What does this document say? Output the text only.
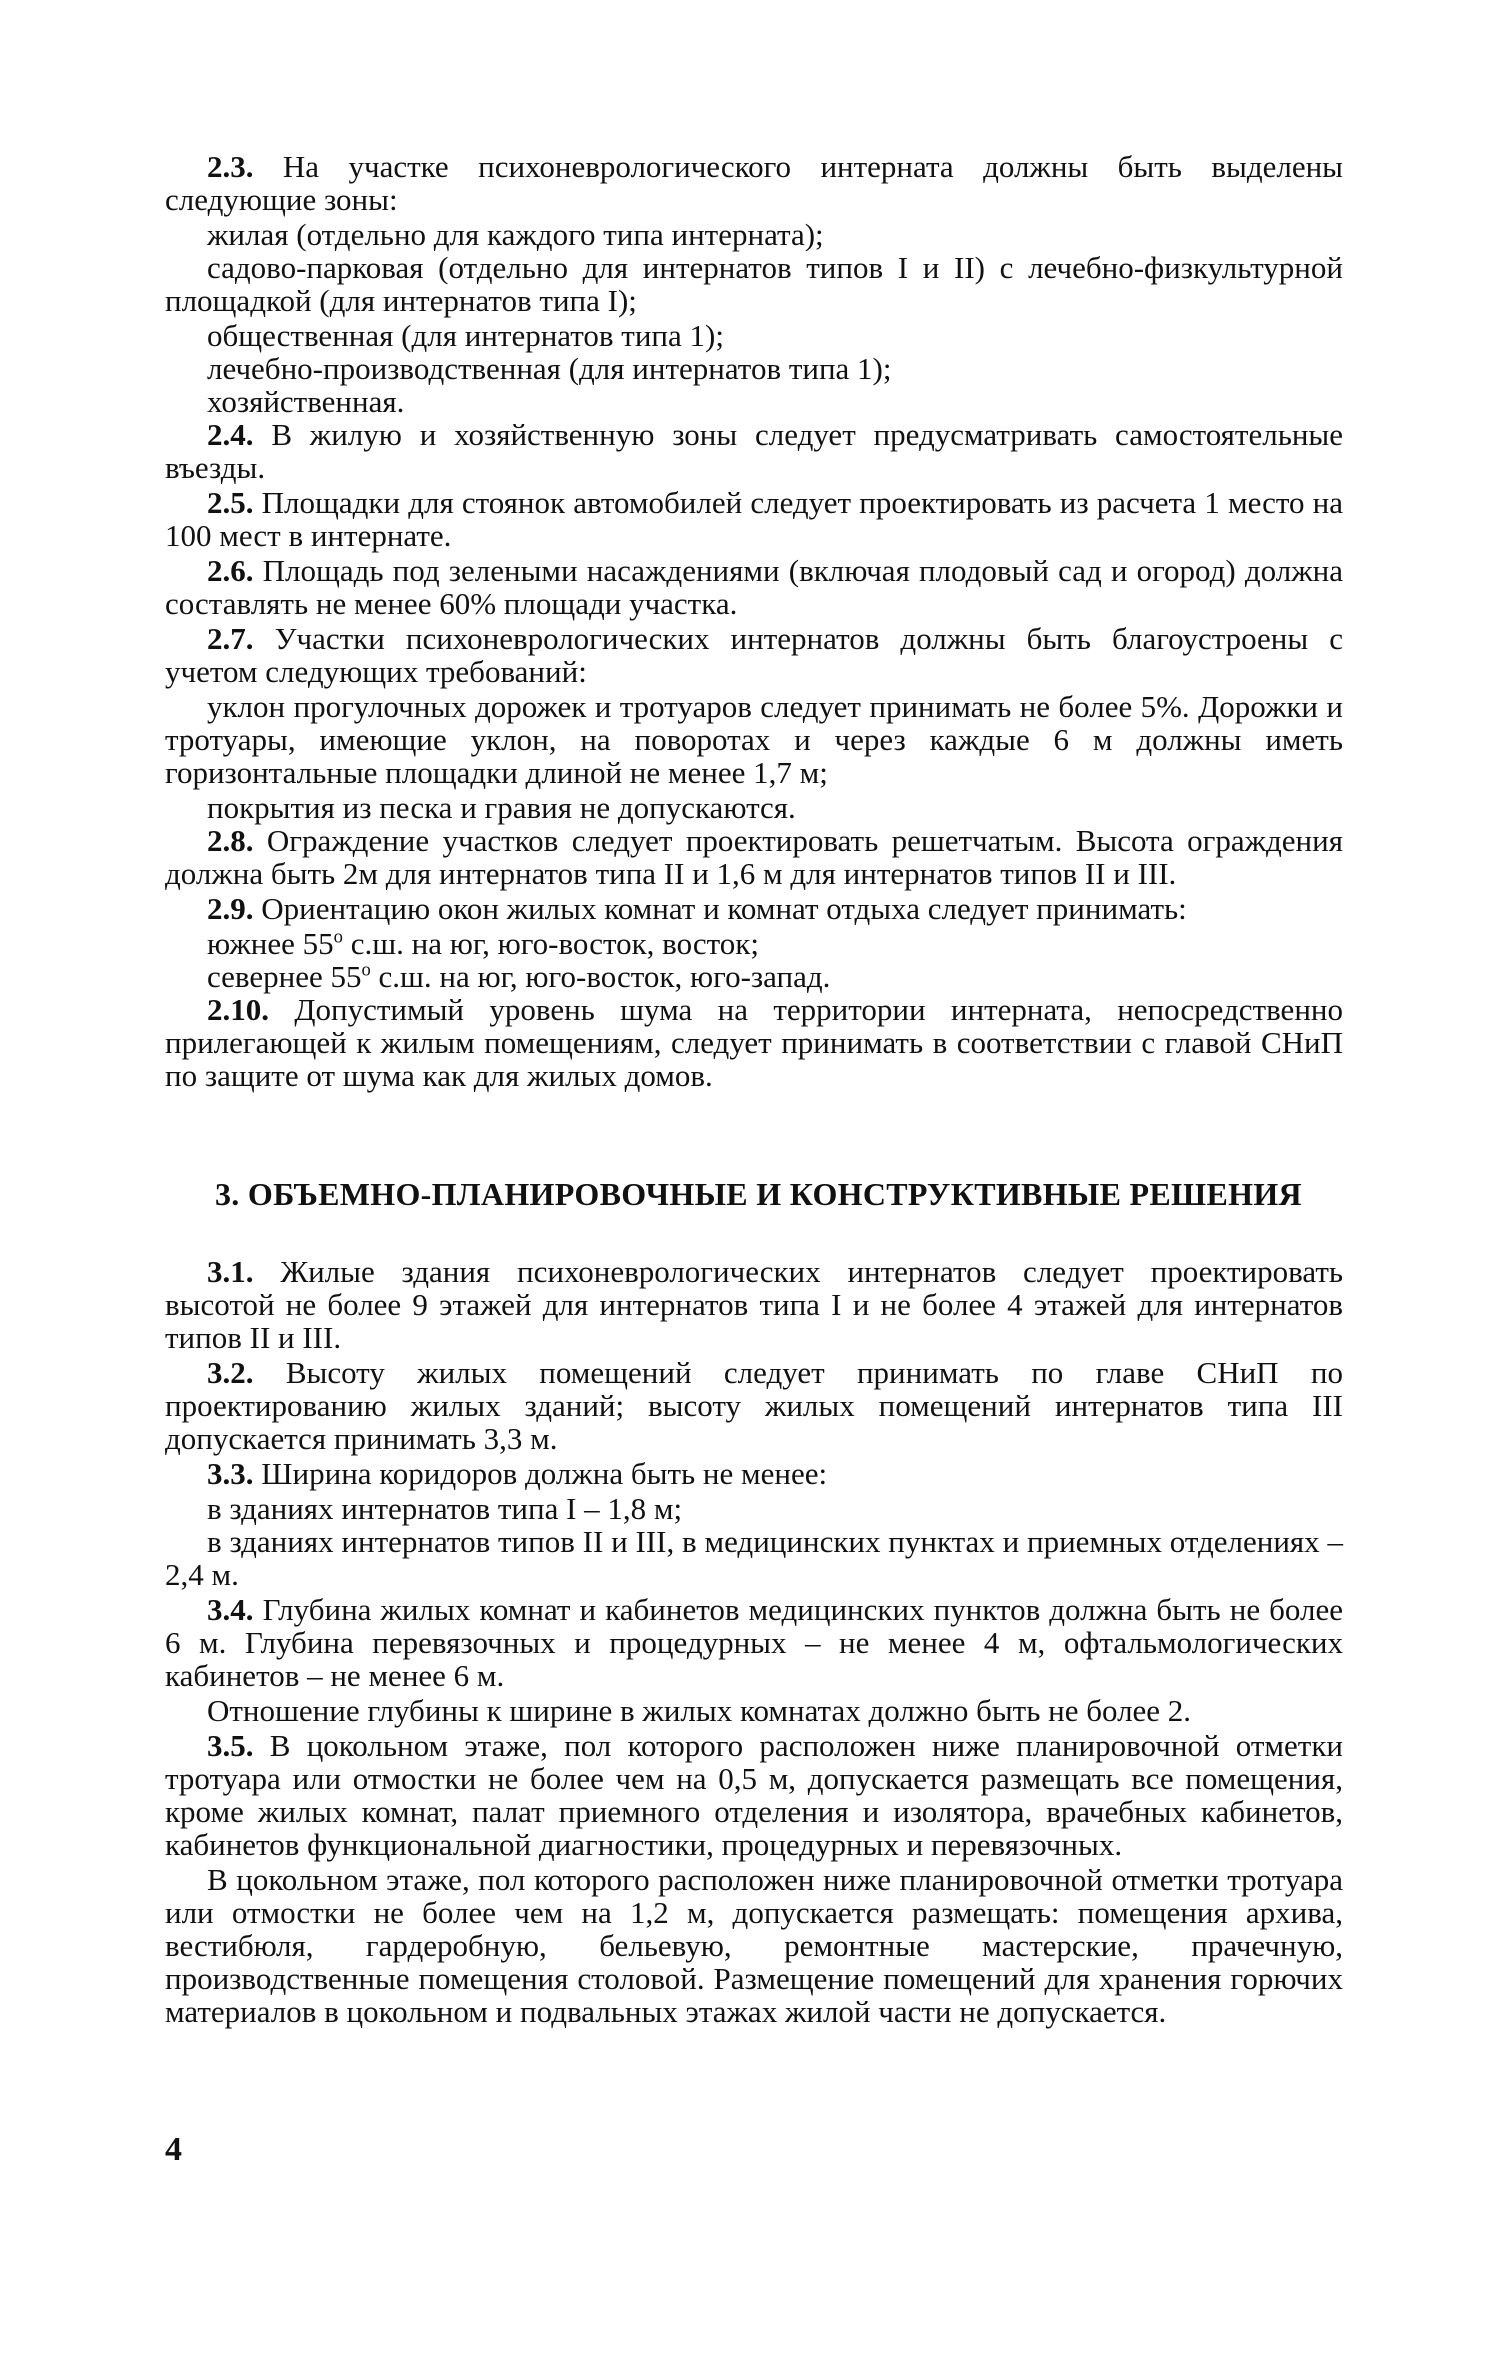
2.3. На участке психоневрологического интерната должны быть выделены следующие зоны:

жилая (отдельно для каждого типа интерната);

садово-парковая (отдельно для интернатов типов I и II) с лечебно-физкультурной площадкой (для интернатов типа I);

общественная (для интернатов типа 1);

лечебно-производственная (для интернатов типа 1);

хозяйственная.

2.4. В жилую и хозяйственную зоны следует предусматривать самостоятельные въезды.

2.5. Площадки для стоянок автомобилей следует проектировать из расчета 1 место на 100 мест в интернате.

2.6. Площадь под зелеными насаждениями (включая плодовый сад и огород) должна составлять не менее 60% площади участка.

2.7. Участки психоневрологических интернатов должны быть благоустроены с учетом следующих требований:

уклон прогулочных дорожек и тротуаров следует принимать не более 5%. Дорожки и тротуары, имеющие уклон, на поворотах и через каждые 6 м должны иметь горизонтальные площадки длиной не менее 1,7 м;

покрытия из песка и гравия не допускаются.

2.8. Ограждение участков следует проектировать решетчатым. Высота ограждения должна быть 2м для интернатов типа II и 1,6 м для интернатов типов II и III.

2.9. Ориентацию окон жилых комнат и комнат отдыха следует принимать:

южнее $55^о$ с.ш. на юг, юго-восток, восток;

севернее $55^о$ с.ш. на юг, юго-восток, юго-запад.

2.10. Допустимый уровень шума на территории интерната, непосредственно прилегающей к жилым помещениям, следует принимать в соответствии с главой СНиП по защите от шума как для жилых домов.

3. ОБЪЕМНО-ПЛАНИРОВОЧНЫЕ И КОНСТРУКТИВНЫЕ РЕШЕНИЯ

3.1. Жилые здания психоневрологических интернатов следует проектировать высотой не более 9 этажей для интернатов типа I и не более 4 этажей для интернатов типов II и III.

3.2. Высоту жилых помещений следует принимать по главе СНиП по проектированию жилых зданий; высоту жилых помещений интернатов типа III допускается принимать 3,3 м.

3.3. Ширина коридоров должна быть не менее:

в зданиях интернатов типа I – 1,8 м;

в зданиях интернатов типов II и III, в медицинских пунктах и приемных отделениях – 2,4 м.

3.4. Глубина жилых комнат и кабинетов медицинских пунктов должна быть не более 6 м. Глубина перевязочных и процедурных – не менее 4 м, офтальмологических кабинетов – не менее 6 м.

Отношение глубины к ширине в жилых комнатах должно быть не более 2.

3.5. В цокольном этаже, пол которого расположен ниже планировочной отметки тротуара или отмостки не более чем на 0,5 м, допускается размещать все помещения, кроме жилых комнат, палат приемного отделения и изолятора, врачебных кабинетов, кабинетов функциональной диагностики, процедурных и перевязочных.

В цокольном этаже, пол которого расположен ниже планировочной отметки тротуара или отмостки не более чем на 1,2 м, допускается размещать: помещения архива, вестибюля, гардеробную, бельевую, ремонтные мастерские, прачечную, производственные помещения столовой. Размещение помещений для хранения горючих материалов в цокольном и подвальных этажах жилой части не допускается.

4
